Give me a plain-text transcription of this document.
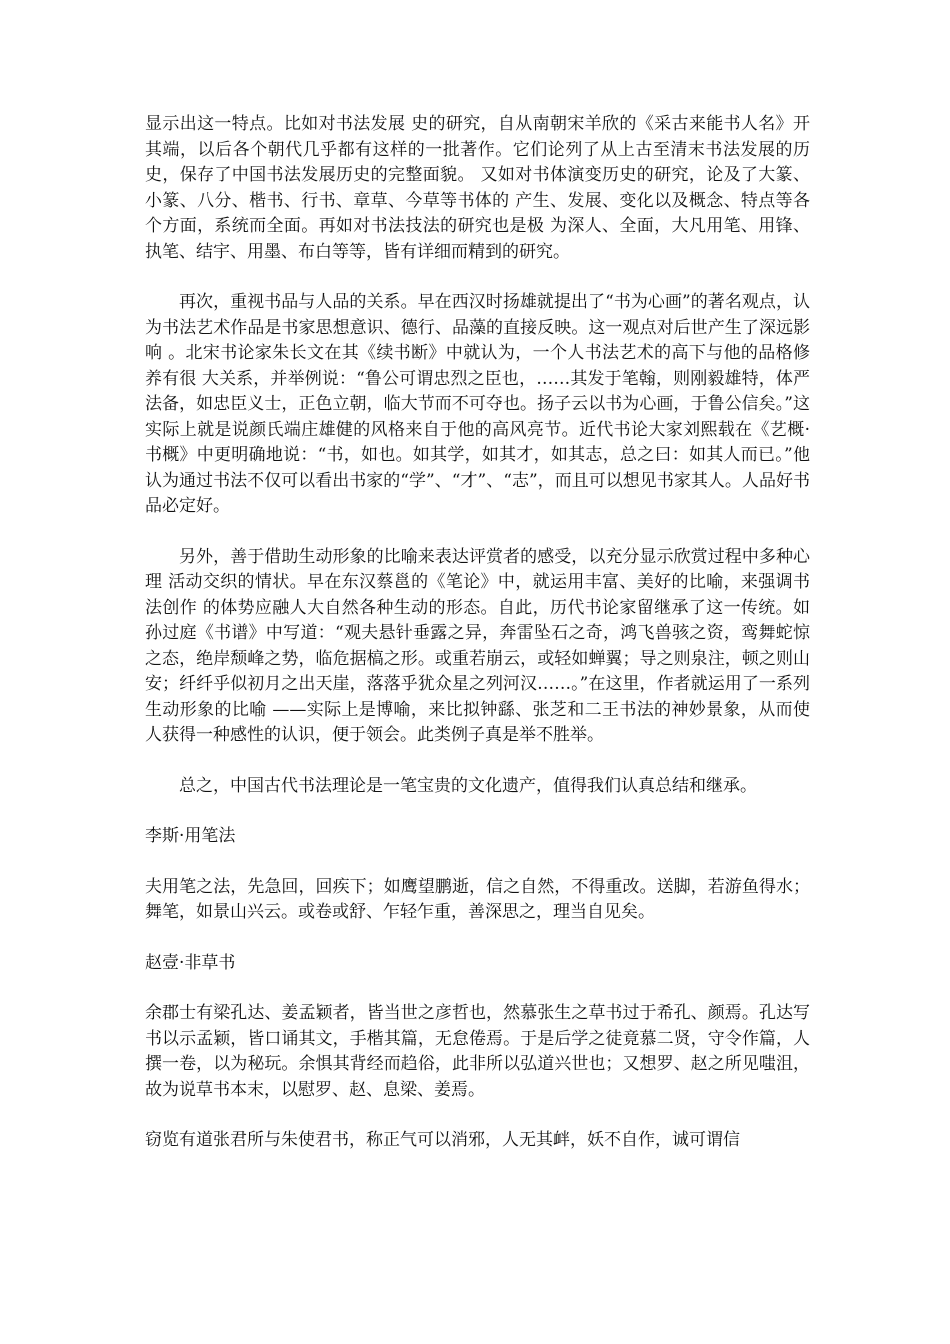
显示出这一特点。比如对书法发展 史的研究，自从南朝宋羊欣的《采古来能书人名》开其端，以后各个朝代几乎都有这样的一批著作。它们论列了从上古至清末书法发展的历史，保存了中国书法发展历史的完整面貌。 又如对书体演变历史的研究，论及了大篆、小篆、八分、楷书、行书、章草、今草等书体的 产生、发展、变化以及概念、特点等各个方面，系统而全面。再如对书法技法的研究也是极 为深人、全面，大凡用笔、用锋、执笔、结宇、用墨、布白等等，皆有详细而精到的研究。

再次，重视书品与人品的关系。早在西汉时扬雄就提出了“书为心画”的著名观点，认为书法艺术作品是书家思想意识、德行、品藻的直接反映。这一观点对后世产生了深远影响 。北宋书论家朱长文在其《续书断》中就认为，一个人书法艺术的高下与他的品格修养有很 大关系，并举例说：“鲁公可谓忠烈之臣也，……其发于笔翰，则刚毅雄特，体严法备，如忠臣义士，正色立朝，临大节而不可夺也。扬子云以书为心画，于鲁公信矣。”这实际上就是说颜氏端庄雄健的风格来自于他的高风亮节。近代书论大家刘熙载在《艺概·书概》中更明确地说：“书，如也。如其学，如其才，如其志，总之曰：如其人而已。”他认为通过书法不仅可以看出书家的“学”、“才”、“志”，而且可以想见书家其人。人品好书品必定好。

另外，善于借助生动形象的比喻来表达评赏者的感受，以充分显示欣赏过程中多种心理 活动交织的情状。早在东汉蔡邕的《笔论》中，就运用丰富、美好的比喻，来强调书法创作 的体势应融人大自然各种生动的形态。自此，历代书论家留继承了这一传统。如孙过庭《书谱》中写道：“观夫悬针垂露之异，奔雷坠石之奇，鸿飞兽骇之资，鸾舞蛇惊之态，绝岸颓峰之势，临危据槁之形。或重若崩云，或轻如蝉翼；导之则泉注，顿之则山安；纤纤乎似初月之出天崖，落落乎犹众星之列河汉……。”在这里，作者就运用了一系列生动形象的比喻 ——实际上是博喻，来比拟钟繇、张芝和二王书法的神妙景象，从而使人获得一种感性的认识，便于领会。此类例子真是举不胜举。

总之，中国古代书法理论是一笔宝贵的文化遗产，值得我们认真总结和继承。

李斯·用笔法

夫用笔之法，先急回，回疾下；如鹰望鹏逝，信之自然，不得重改。送脚，若游鱼得水；舞笔，如景山兴云。或卷或舒、乍轻乍重，善深思之，理当自见矣。

赵壹·非草书

余郡士有梁孔达、姜孟颖者，皆当世之彦哲也，然慕张生之草书过于希孔、颜焉。孔达写书以示孟颖，皆口诵其文，手楷其篇，无怠倦焉。于是后学之徒竟慕二贤，守令作篇，人撰一卷，以为秘玩。余惧其背经而趋俗，此非所以弘道兴世也；又想罗、赵之所见嗤沮，故为说草书本末，以慰罗、赵、息梁、姜焉。

窃览有道张君所与朱使君书，称正气可以消邪，人无其衅，妖不自作，诚可谓信
